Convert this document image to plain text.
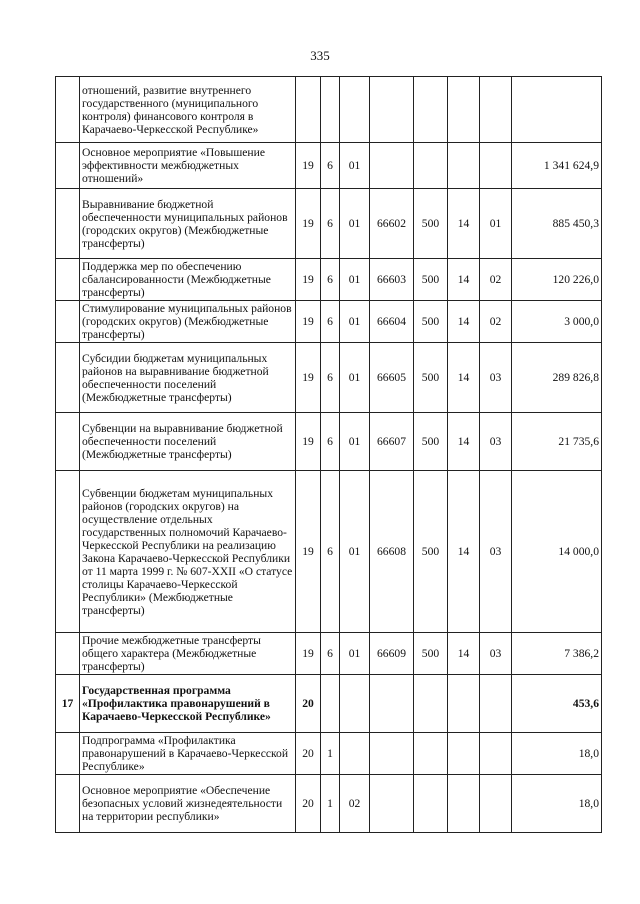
335
	отношений, развитие внутреннего государственного (муниципального контроля) финансового контроля в Карачаево-Черкесской Республике»								
	Основное мероприятие «Повышение эффективности межбюджетных отношений»	19	6	01					1 341 624,9
	Выравнивание бюджетной обеспеченности муниципальных районов (городских округов) (Межбюджетные трансферты)	19	6	01	66602	500	14	01	885 450,3
	Поддержка мер по обеспечению сбалансированности (Межбюджетные трансферты)	19	6	01	66603	500	14	02	120 226,0
	Стимулирование муниципальных районов (городских округов) (Межбюджетные трансферты)	19	6	01	66604	500	14	02	3 000,0
	Субсидии бюджетам муниципальных районов на выравнивание бюджетной обеспеченности поселений (Межбюджетные трансферты)	19	6	01	66605	500	14	03	289 826,8
	Субвенции на выравнивание бюджетной обеспеченности поселений (Межбюджетные трансферты)	19	6	01	66607	500	14	03	21 735,6
	Субвенции бюджетам муниципальных районов (городских округов) на осуществление отдельных государственных полномочий Карачаево-Черкесской Республики на реализацию Закона Карачаево-Черкесской Республики от 11 марта 1999 г. № 607-XXII «О статусе столицы Карачаево-Черкесской Республики» (Межбюджетные трансферты)	19	6	01	66608	500	14	03	14 000,0
	Прочие межбюджетные трансферты общего характера (Межбюджетные трансферты)	19	6	01	66609	500	14	03	7 386,2
17	Государственная программа «Профилактика правонарушений в Карачаево-Черкесской Республике»	20							453,6
	Подпрограмма «Профилактика правонарушений в Карачаево-Черкесской Республике»	20	1						18,0
	Основное мероприятие «Обеспечение безопасных условий жизнедеятельности на территории республики»	20	1	02					18,0
